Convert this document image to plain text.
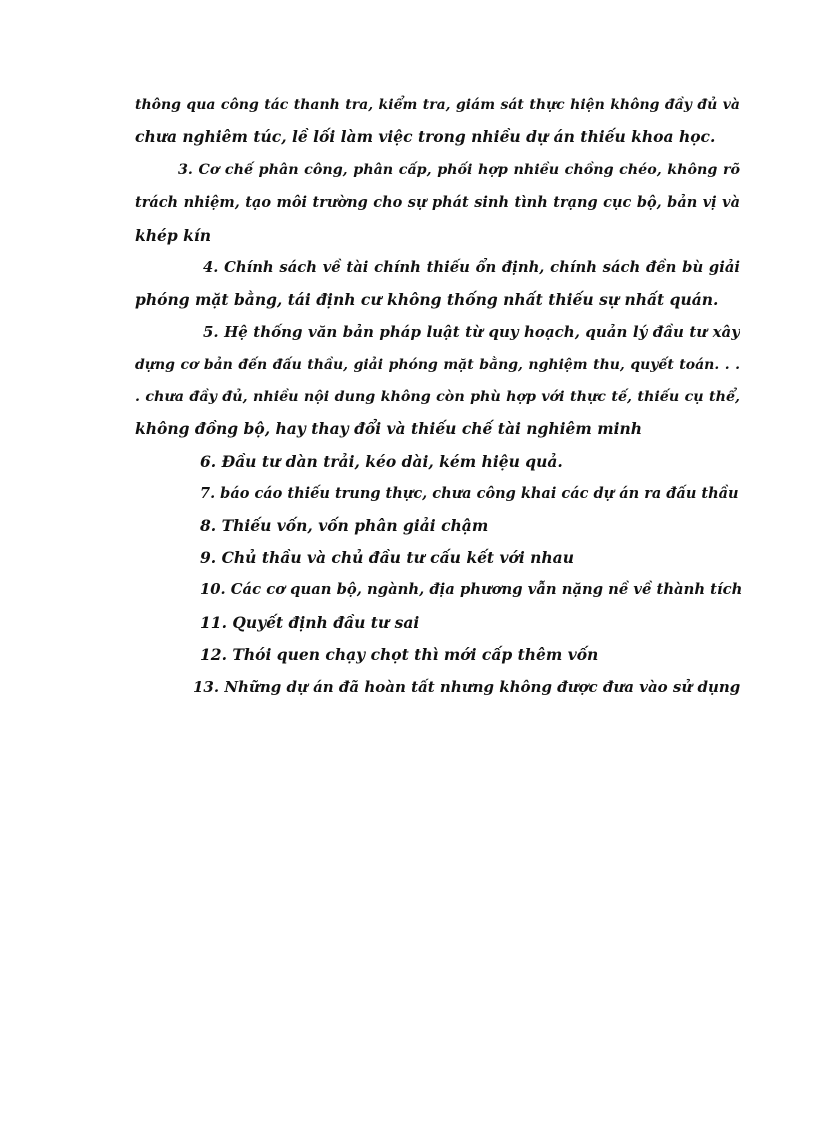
thông qua công tác thanh tra, kiểm tra, giám sát thực hiện không đầy đủ và
chưa nghiêm túc, lề lối làm việc trong nhiều dự án thiếu khoa học.
3. Cơ chế phân công, phân cấp, phối hợp nhiều chồng chéo, không rõ
trách nhiệm, tạo môi trường cho sự phát sinh tình trạng cục bộ, bản vị và
khép kín
4. Chính sách về tài chính thiếu ổn định, chính sách đền bù giải
phóng mặt bằng, tái định cư không thống nhất thiếu sự nhất quán.
5. Hệ thống văn bản pháp luật từ quy hoạch, quản lý đầu tư xây
dựng cơ bản đến đấu thầu, giải phóng mặt bằng, nghiệm thu, quyết toán. . .
. chưa đầy đủ, nhiều nội dung không còn phù hợp với thực tế, thiếu cụ thể,
không đồng bộ, hay thay đổi và thiếu chế tài nghiêm minh
6. Đầu tư dàn trải, kéo dài, kém hiệu quả.
7. báo cáo thiếu trung thực, chưa công khai các dự án ra đấu thầu
8. Thiếu vốn, vốn phân giải chậm
9. Chủ thầu và chủ đầu tư cấu kết với nhau
10. Các cơ quan bộ, ngành, địa phương vẫn nặng nề về thành tích
11. Quyết định đầu tư sai
12. Thói quen chạy chọt thì mới cấp thêm vốn
13. Những dự án đã hoàn tất nhưng không được đưa vào sử dụng
